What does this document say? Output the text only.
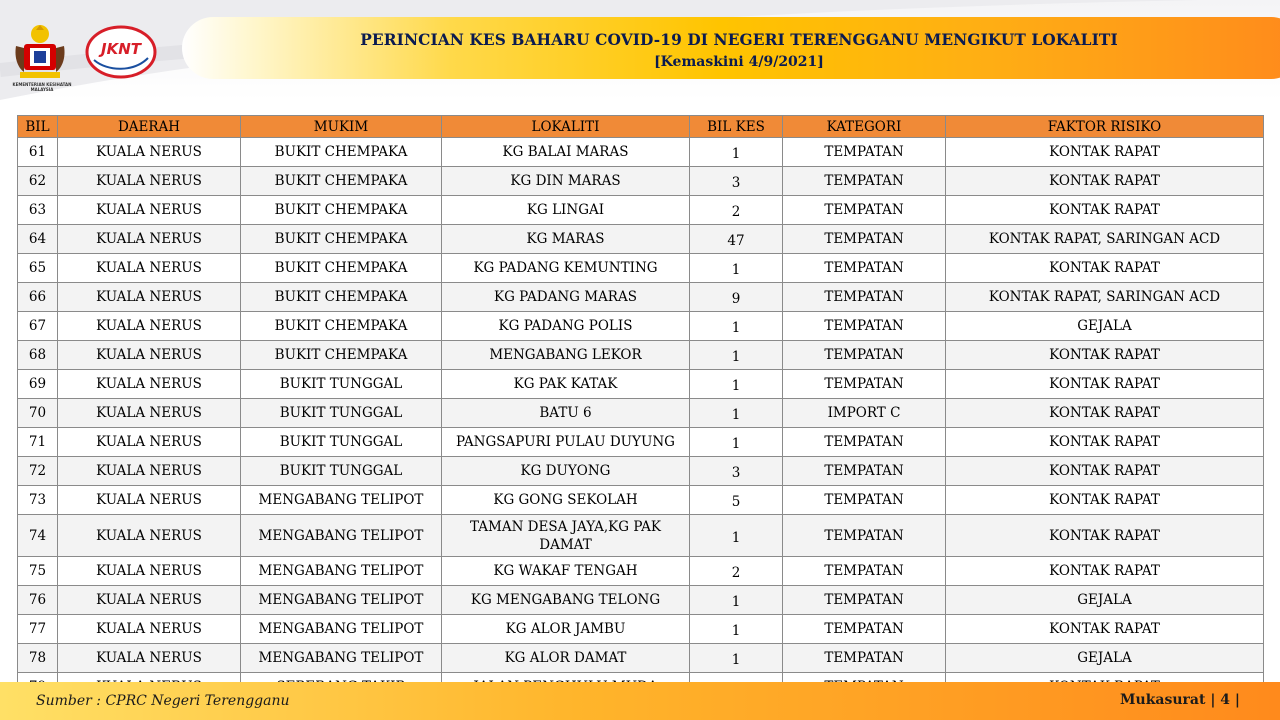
KEMENTERIAN KESIHATAN MALAYSIA
JKNT	PERINCIAN KES BAHARU COVID-19 DI NEGERI TERENGGANU MENGIKUT LOKALITI
[Kemaskini 4/9/2021]
BIL	DAERAH	MUKIM	LOKALITI	BIL KES	KATEGORI	FAKTOR RISIKO
61	KUALA NERUS	BUKIT CHEMPAKA	KG BALAI MARAS	1	TEMPATAN	KONTAK RAPAT
62	KUALA NERUS	BUKIT CHEMPAKA	KG DIN MARAS	3	TEMPATAN	KONTAK RAPAT
63	KUALA NERUS	BUKIT CHEMPAKA	KG LINGAI	2	TEMPATAN	KONTAK RAPAT
64	KUALA NERUS	BUKIT CHEMPAKA	KG MARAS	47	TEMPATAN	KONTAK RAPAT, SARINGAN ACD
65	KUALA NERUS	BUKIT CHEMPAKA	KG PADANG KEMUNTING	1	TEMPATAN	KONTAK RAPAT
66	KUALA NERUS	BUKIT CHEMPAKA	KG PADANG MARAS	9	TEMPATAN	KONTAK RAPAT, SARINGAN ACD
67	KUALA NERUS	BUKIT CHEMPAKA	KG PADANG POLIS	1	TEMPATAN	GEJALA
68	KUALA NERUS	BUKIT CHEMPAKA	MENGABANG LEKOR	1	TEMPATAN	KONTAK RAPAT
69	KUALA NERUS	BUKIT TUNGGAL	KG PAK KATAK	1	TEMPATAN	KONTAK RAPAT
70	KUALA NERUS	BUKIT TUNGGAL	BATU 6	1	IMPORT C	KONTAK RAPAT
71	KUALA NERUS	BUKIT TUNGGAL	PANGSAPURI PULAU DUYUNG	1	TEMPATAN	KONTAK RAPAT
72	KUALA NERUS	BUKIT TUNGGAL	KG DUYONG	3	TEMPATAN	KONTAK RAPAT
73	KUALA NERUS	MENGABANG TELIPOT	KG GONG SEKOLAH	5	TEMPATAN	KONTAK RAPAT
74	KUALA NERUS	MENGABANG TELIPOT	TAMAN DESA JAYA,KG PAK DAMAT	1	TEMPATAN	KONTAK RAPAT
75	KUALA NERUS	MENGABANG TELIPOT	KG WAKAF TENGAH	2	TEMPATAN	KONTAK RAPAT
76	KUALA NERUS	MENGABANG TELIPOT	KG MENGABANG TELONG	1	TEMPATAN	GEJALA
77	KUALA NERUS	MENGABANG TELIPOT	KG ALOR JAMBU	1	TEMPATAN	KONTAK RAPAT
78	KUALA NERUS	MENGABANG TELIPOT	KG ALOR DAMAT	1	TEMPATAN	GEJALA

Sumber : CPRC Negeri Terengganu	Mukasurat | 4 |
